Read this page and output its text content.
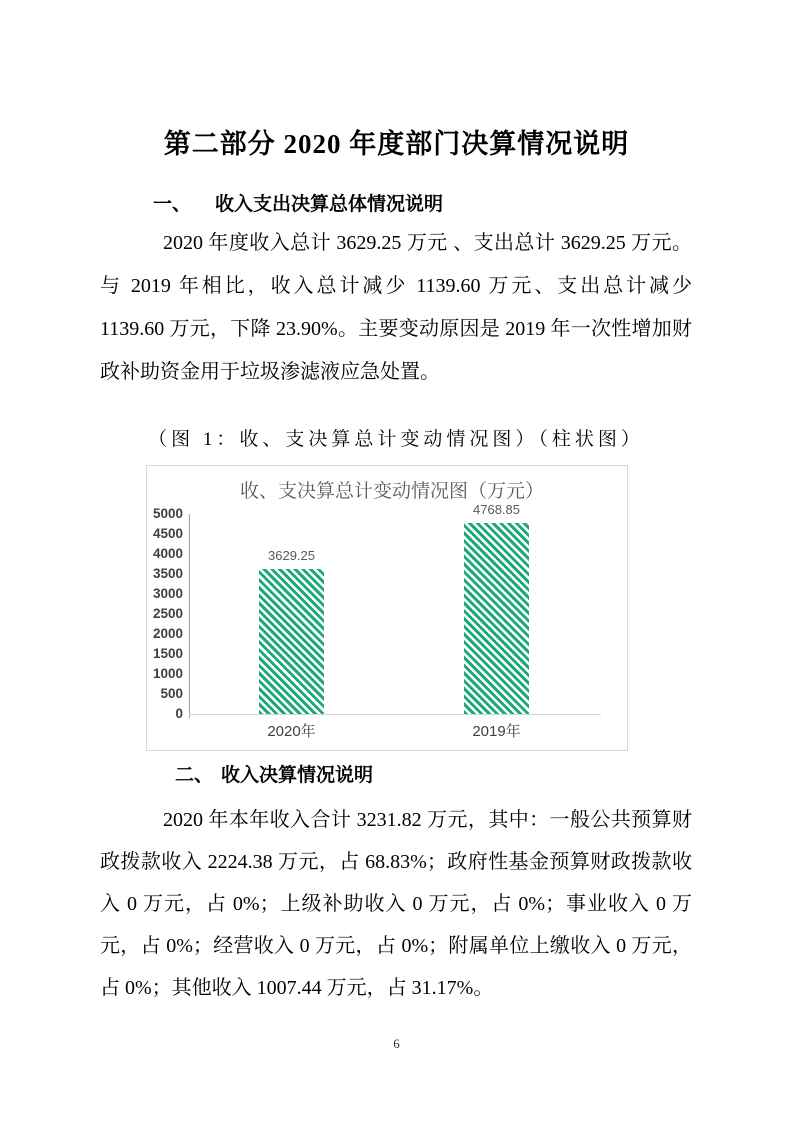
第二部分 2020 年度部门决算情况说明
一、 收入支出决算总体情况说明

2020 年度收入总计 3629.25 万元 、支出总计 3629.25 万元。与 2019 年相比，收入总计减少 1139.60 万元、支出总计减少 1139.60 万元，下降 23.90%。主要变动原因是 2019 年一次性增加财政补助资金用于垃圾渗滤液应急处置。

（图 1：收、支决算总计变动情况图）（柱状图）
收、支决算总计变动情况图（万元）
5000
4500
4000
3500
3000
2500
2000
1500
1000
500
0
3629.25
2020年
4768.85
2019年
二、 收入决算情况说明

2020 年本年收入合计 3231.82 万元，其中：一般公共预算财政拨款收入 2224.38 万元，占 68.83%；政府性基金预算财政拨款收入 0 万元，占 0%；上级补助收入 0 万元，占 0%；事业收入 0 万元，占 0%；经营收入 0 万元，占 0%；附属单位上缴收入 0 万元，占 0%；其他收入 1007.44 万元，占 31.17%。

6
